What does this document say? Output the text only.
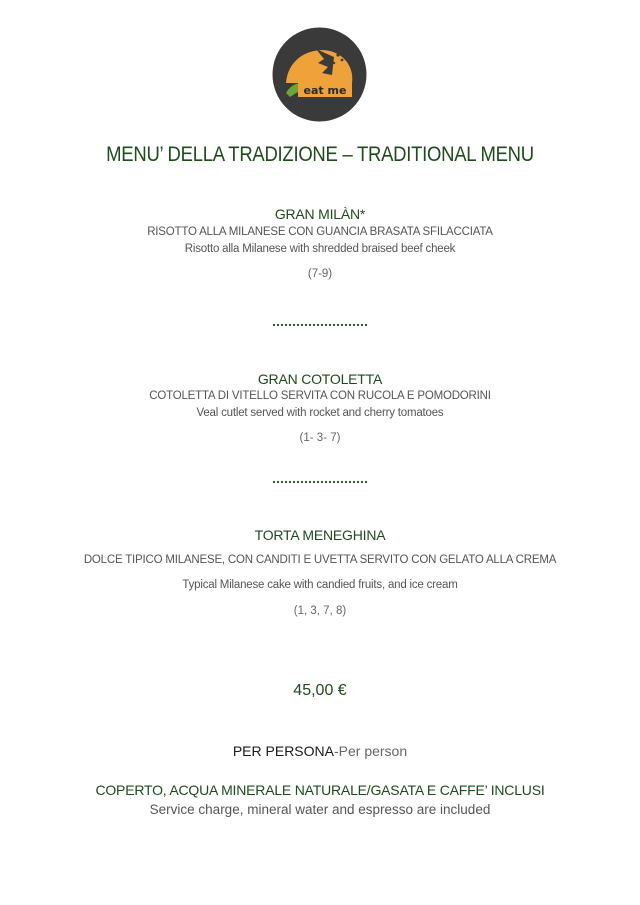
eat me
MENU’ DELLA TRADIZIONE – TRADITIONAL MENU
GRAN MILÀN*
RISOTTO ALLA MILANESE CON GUANCIA BRASATA SFILACCIATA
Risotto alla Milanese with shredded braised beef cheek
(7-9)
GRAN COTOLETTA
COTOLETTA DI VITELLO SERVITA CON RUCOLA E POMODORINI
Veal cutlet served with rocket and cherry tomatoes
(1- 3- 7)
TORTA MENEGHINA
DOLCE TIPICO MILANESE, CON CANDITI E UVETTA SERVITO CON GELATO ALLA CREMA
Typical Milanese cake with candied fruits, and ice cream
(1, 3, 7, 8)
45,00 €
PER PERSONA-Per person
COPERTO, ACQUA MINERALE NATURALE/GASATA E CAFFE’ INCLUSI
Service charge, mineral water and espresso are included
